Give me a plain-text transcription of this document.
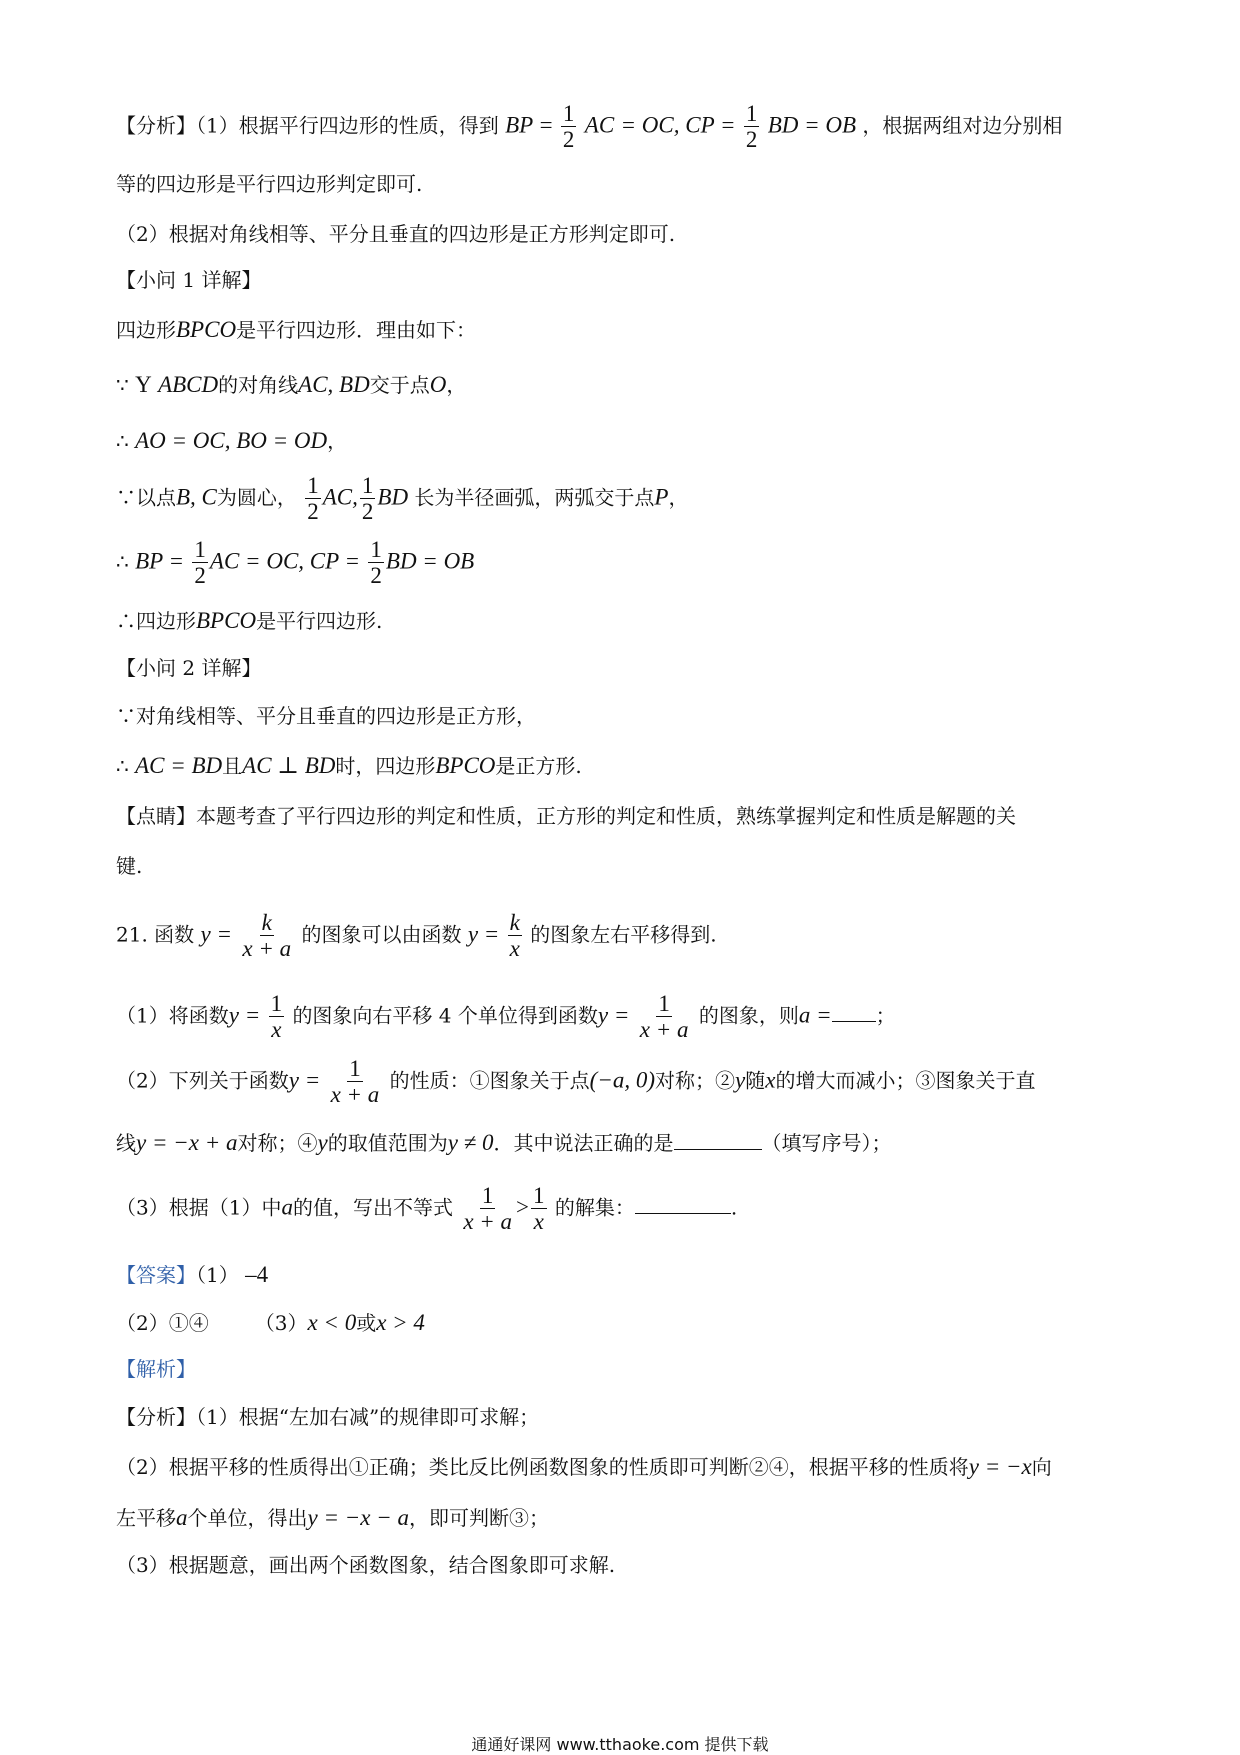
【分析】（1）根据平行四边形的性质，得到 BP = $\frac{1}{2}$ AC = OC, CP = $\frac{1}{2}$ BD = OB ，根据两组对边分别相
等的四边形是平行四边形判定即可.
（2）根据对角线相等、平分且垂直的四边形是正方形判定即可.
【小问 1 详解】
四边形BPCO是平行四边形．理由如下：
∵ Y ABCD的对角线AC, BD交于点O，
∴ AO = OC, BO = OD，
∵以点B, C为圆心， $\frac{1}{2}$ AC, $\frac{1}{2}$ BD 长为半径画弧，两弧交于点P，
∴ BP = $\frac{1}{2}$ AC = OC, CP = $\frac{1}{2}$ BD = OB
∴四边形BPCO是平行四边形.
【小问 2 详解】
∵对角线相等、平分且垂直的四边形是正方形，
∴ AC = BD且AC ⊥ BD时，四边形BPCO是正方形.
【点睛】本题考查了平行四边形的判定和性质，正方形的判定和性质，熟练掌握判定和性质是解题的关
键.
21. 函数 $y = \frac{k}{x + a}$ 的图象可以由函数 $y = \frac{k}{x}$ 的图象左右平移得到.
（1）将函数$y = \frac{1}{x}$ 的图象向右平移 4 个单位得到函数$y = \frac{1}{x + a}$ 的图象，则a = ；
（2）下列关于函数$y = \frac{1}{x + a}$ 的性质：①图象关于点(−a, 0)对称；②y随x的增大而减小；③图象关于直
线y = −x + a对称；④y的取值范围为y ≠ 0．其中说法正确的是	（填写序号）；
（3）根据（1）中a的值，写出不等式 $\frac{1}{x + a} > \frac{1}{x}$ 的解集：	.
【答案】（1） –4
（2）①④ （3）x < 0或x > 4
【解析】
【分析】（1）根据“左加右减”的规律即可求解；
（2）根据平移的性质得出①正确；类比反比例函数图象的性质即可判断②④，根据平移的性质将y = −x向
左平移a个单位，得出y = −x − a，即可判断③；
（3）根据题意，画出两个函数图象，结合图象即可求解.
通通好课网 www.tthaoke.com 提供下载
